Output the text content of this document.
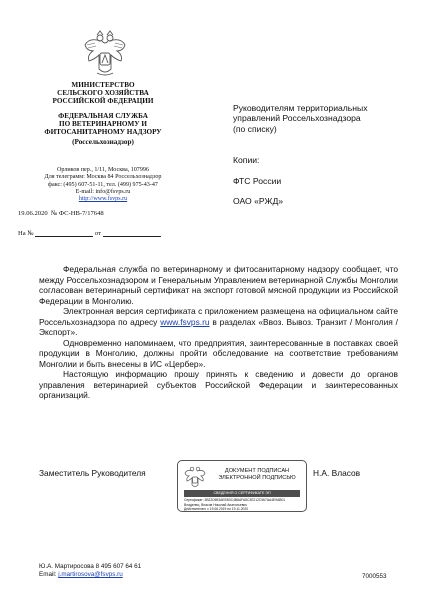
МИНИСТЕРСТВО
СЕЛЬСКОГО ХОЗЯЙСТВА
РОССИЙСКОЙ ФЕДЕРАЦИИ
ФЕДЕРАЛЬНАЯ СЛУЖБА
ПО ВЕТЕРИНАРНОМУ И
ФИТОСАНИТАРНОМУ НАДЗОРУ
(Россельхознадзор)
Орликов пер., 1/11, Москва, 107996
Для телеграмм: Москва 84 Россельхознадзор
факс: (495) 607-51-11, тел. (499) 975-43-47
E-mail: info@fsvps.ru
http://www.fsvps.ru
19.06.2020 № ФС-НВ-7/17648
На №	от
Руководителям территориальных
управлений Россельхознадзора
(по списку)
Копии:
ФТС России
ОАО «РЖД»

Федеральная служба по ветеринарному и фитосанитарному надзору сообщает, что между Россельхознадзором и Генеральным Управлением ветеринарной Службы Монголии согласован ветеринарный сертификат на экспорт готовой мясной продукции из Российской Федерации в Монголию.

Электронная версия сертификата с приложением размещена на официальном сайте Россельхознадзора по адресу www.fsvps.ru в разделах «Ввоз. Вывоз. Транзит / Монголия / Экспорт».

Одновременно напоминаем, что предприятия, заинтересованные в поставках своей продукции в Монголию, должны пройти обследование на соответствие требованиям Монголии и быть внесены в ИС «Цербер».

Настоящую информацию прошу принять к сведению и довести до органов управления ветеринарией субъектов Российской Федерации и заинтересованных организаций.

Заместитель Руководителя	Н.А. Власов
ДОКУМЕНТ ПОДПИСАН
ЭЛЕКТРОННОЙ ПОДПИСЬЮ
СВЕДЕНИЯ О СЕРТИФИКАТЕ ЭП
Сертификат: 3B22D693AEEB0C4B8AFA5C3E212C567AA4E9AB01
Владелец: Власов Николай Анатольевич
Действителен: с 19.06.2019 по 19.11.2020
Ю.А. Мартиросова 8 495 607 64 61
Email: j.martirosova@fsvps.ru	7000553
